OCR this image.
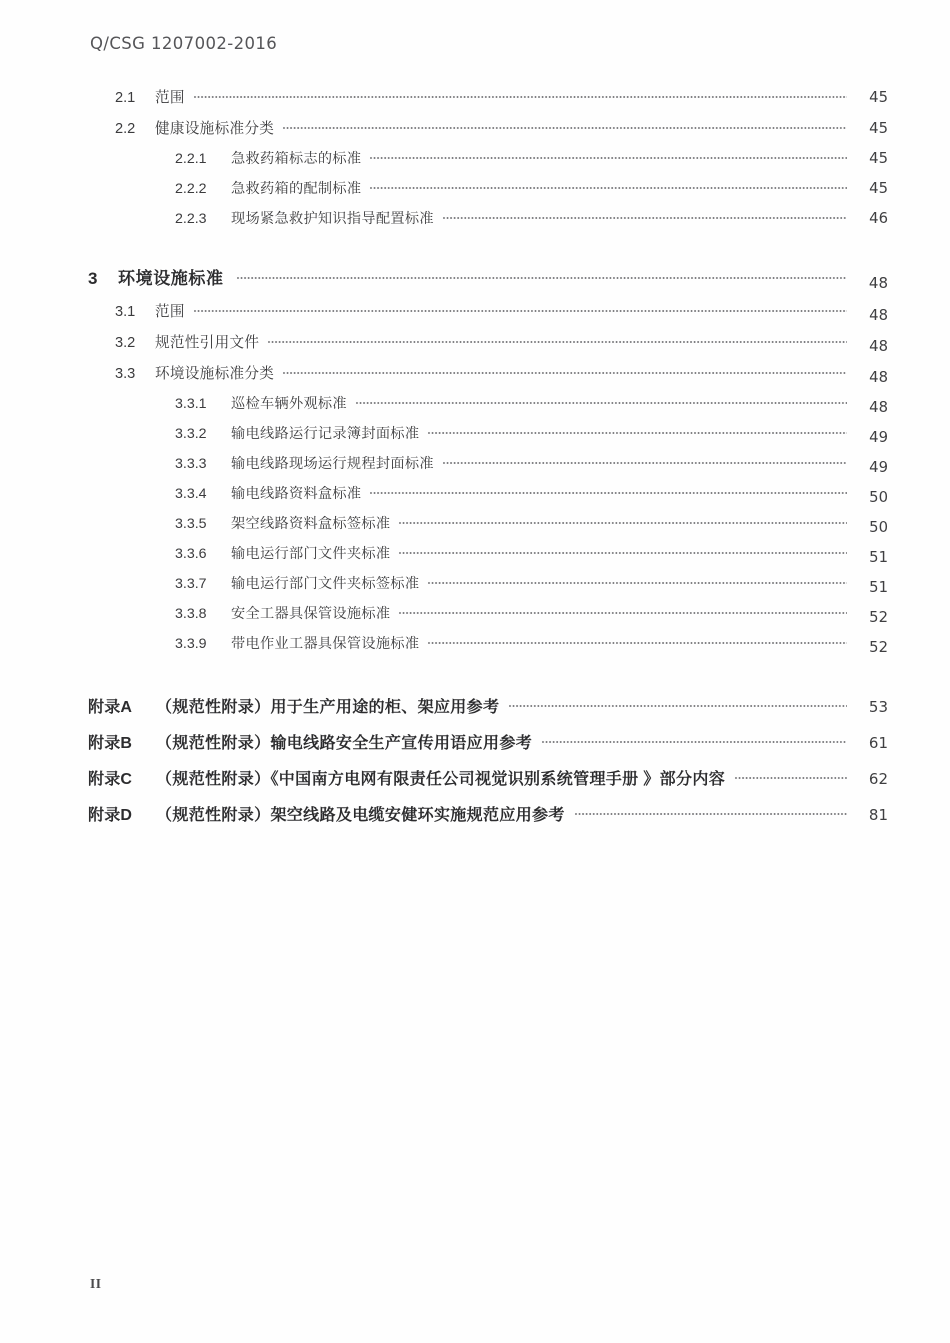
Q/CSG 1207002-2016
2.1	范围	45
2.2	健康设施标准分类	45
2.2.1	急救药箱标志的标准	45
2.2.2	急救药箱的配制标准	45
2.2.3	现场紧急救护知识指导配置标准	46
3	环境设施标准	48
3.1	范围	48
3.2	规范性引用文件	48
3.3	环境设施标准分类	48
3.3.1	巡检车辆外观标准	48
3.3.2	输电线路运行记录簿封面标准	49
3.3.3	输电线路现场运行规程封面标准	49
3.3.4	输电线路资料盒标准	50
3.3.5	架空线路资料盒标签标准	50
3.3.6	输电运行部门文件夹标准	51
3.3.7	输电运行部门文件夹标签标准	51
3.3.8	安全工器具保管设施标准	52
3.3.9	带电作业工器具保管设施标准	52
附录A	（规范性附录）用于生产用途的柜、架应用参考	53
附录B	（规范性附录）输电线路安全生产宣传用语应用参考	61
附录C	（规范性附录）《中国南方电网有限责任公司视觉识别系统管理手册 》部分内容	62
附录D	（规范性附录）架空线路及电缆安健环实施规范应用参考	81
II
